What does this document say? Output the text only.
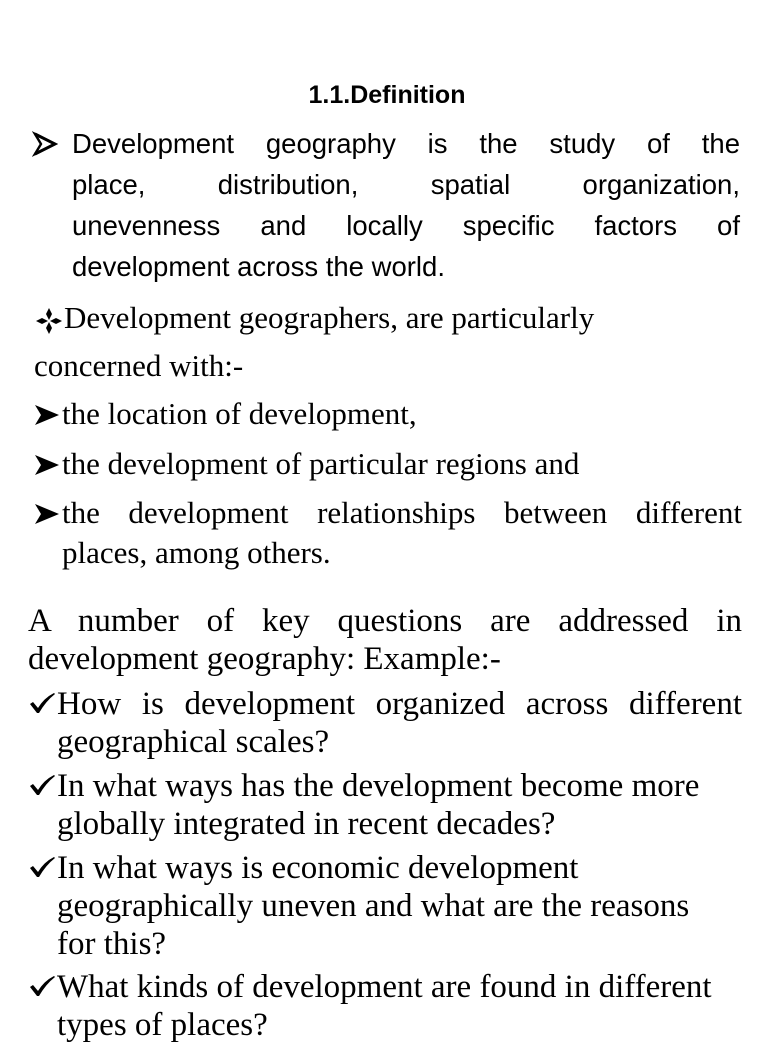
1.1.Definition
Development geography is the study of the
place, distribution, spatial organization,
unevenness and locally specific factors of
development across the world.
Development geographers, are particularly
concerned with:-
the location of development,
the development of particular regions and
the development relationships between different
places, among others.
A number of key questions are addressed in
development geography: Example:-
How is development organized across different
geographical scales?
In what ways has the development become more
globally integrated in recent decades?
In what ways is economic development
geographically uneven and what are the reasons
for this?
What kinds of development are found in different
types of places?
